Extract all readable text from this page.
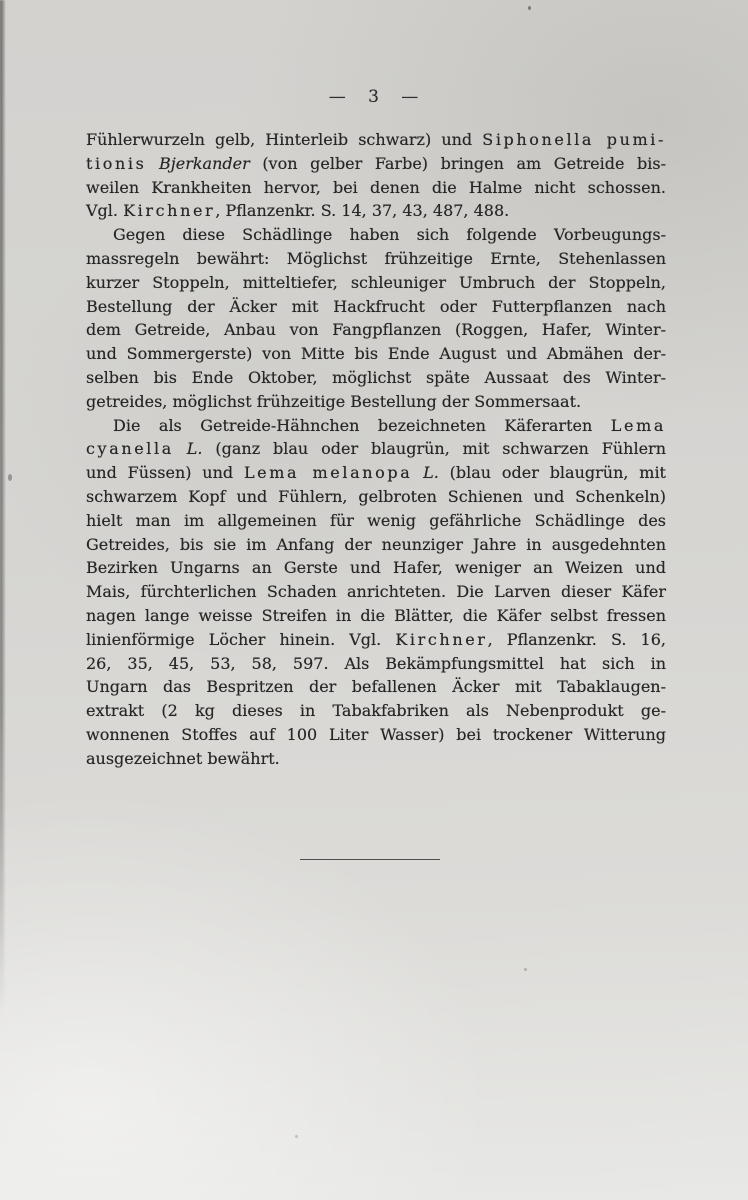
— 3 —
Fühlerwurzeln gelb, Hinterleib schwarz) und Siphonella pumi-
tionis Bjerkander (von gelber Farbe) bringen am Getreide bis-
weilen Krankheiten hervor, bei denen die Halme nicht schossen.
Vgl. Kirchner, Pflanzenkr. S. 14, 37, 43, 487, 488.
Gegen diese Schädlinge haben sich folgende Vorbeugungs-
massregeln bewährt: Möglichst frühzeitige Ernte, Stehenlassen
kurzer Stoppeln, mitteltiefer, schleuniger Umbruch der Stoppeln,
Bestellung der Äcker mit Hackfrucht oder Futterpflanzen nach
dem Getreide, Anbau von Fangpflanzen (Roggen, Hafer, Winter-
und Sommergerste) von Mitte bis Ende August und Abmähen der-
selben bis Ende Oktober, möglichst späte Aussaat des Winter-
getreides, möglichst frühzeitige Bestellung der Sommersaat.
Die als Getreide-Hähnchen bezeichneten Käferarten Lema
cyanella L. (ganz blau oder blaugrün, mit schwarzen Fühlern
und Füssen) und Lema melanopa L. (blau oder blaugrün, mit
schwarzem Kopf und Fühlern, gelbroten Schienen und Schenkeln)
hielt man im allgemeinen für wenig gefährliche Schädlinge des
Getreides, bis sie im Anfang der neunziger Jahre in ausgedehnten
Bezirken Ungarns an Gerste und Hafer, weniger an Weizen und
Mais, fürchterlichen Schaden anrichteten. Die Larven dieser Käfer
nagen lange weisse Streifen in die Blätter, die Käfer selbst fressen
linienförmige Löcher hinein. Vgl. Kirchner, Pflanzenkr. S. 16,
26, 35, 45, 53, 58, 597. Als Bekämpfungsmittel hat sich in
Ungarn das Bespritzen der befallenen Äcker mit Tabaklaugen-
extrakt (2 kg dieses in Tabakfabriken als Nebenprodukt ge-
wonnenen Stoffes auf 100 Liter Wasser) bei trockener Witterung
ausgezeichnet bewährt.
